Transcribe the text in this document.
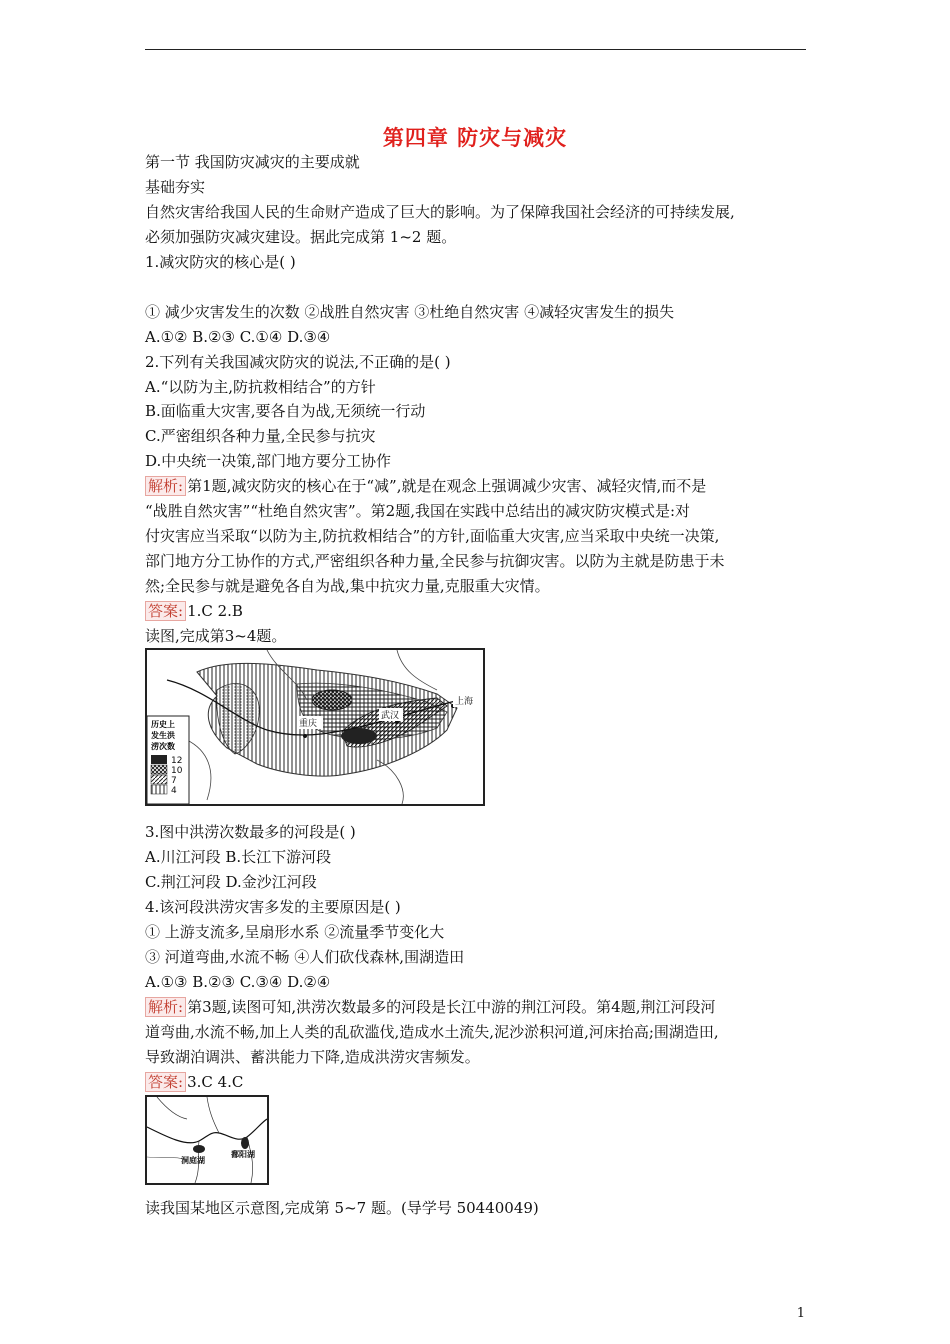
第四章 防灾与减灾
第一节 我国防灾减灾的主要成就
基础夯实
自然灾害给我国人民的生命财产造成了巨大的影响。为了保障我国社会经济的可持续发展,
必须加强防灾减灾建设。据此完成第 1~2 题。
1.减灾防灾的核心是( )
① 减少灾害发生的次数 ②战胜自然灾害 ③杜绝自然灾害 ④减轻灾害发生的损失
A.①② B.②③ C.①④ D.③④
2.下列有关我国减灾防灾的说法,不正确的是( )
A.“以防为主,防抗救相结合”的方针
B.面临重大灾害,要各自为战,无须统一行动
C.严密组织各种力量,全民参与抗灾
D.中央统一决策,部门地方要分工协作
解析: 第1题,减灾防灾的核心在于“减”,就是在观念上强调减少灾害、减轻灾情,而不是
“战胜自然灾害”“杜绝自然灾害”。第2题,我国在实践中总结出的减灾防灾模式是:对
付灾害应当采取“以防为主,防抗救相结合”的方针,面临重大灾害,应当采取中央统一决策,
部门地方分工协作的方式,严密组织各种力量,全民参与抗御灾害。以防为主就是防患于未
然;全民参与就是避免各自为战,集中抗灾力量,克服重大灾情。
答案: 1.C 2.B
读图,完成第3~4题。
重庆
武汉
上海
历史上
发生洪
涝次数
12
10
7
4
3.图中洪涝次数最多的河段是( )
A.川江河段 B.长江下游河段
C.荆江河段 D.金沙江河段
4.该河段洪涝灾害多发的主要原因是( )
① 上游支流多,呈扇形水系 ②流量季节变化大
③ 河道弯曲,水流不畅 ④人们砍伐森林,围湖造田
A.①③ B.②③ C.③④ D.②④
解析: 第3题,读图可知,洪涝次数最多的河段是长江中游的荆江河段。第4题,荆江河段河
道弯曲,水流不畅,加上人类的乱砍滥伐,造成水土流失,泥沙淤积河道,河床抬高;围湖造田,
导致湖泊调洪、蓄洪能力下降,造成洪涝灾害频发。
答案: 3.C 4.C
洞庭湖
鄱阳湖
读我国某地区示意图,完成第 5~7 题。(导学号 50440049)
1
